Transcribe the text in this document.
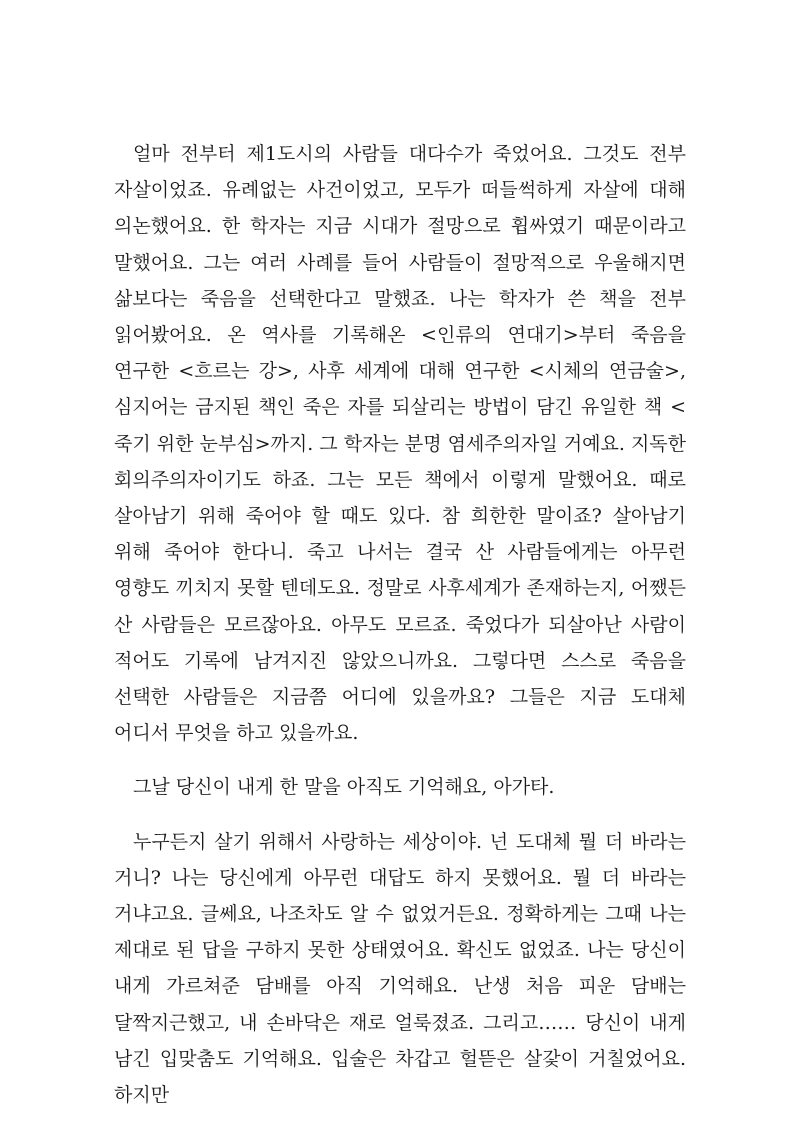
얼마 전부터 제1도시의 사람들 대다수가 죽었어요. 그것도 전부 자살이었죠. 유례없는 사건이었고, 모두가 떠들썩하게 자살에 대해 의논했어요. 한 학자는 지금 시대가 절망으로 휩싸였기 때문이라고 말했어요. 그는 여러 사례를 들어 사람들이 절망적으로 우울해지면 삶보다는 죽음을 선택한다고 말했죠. 나는 학자가 쓴 책을 전부 읽어봤어요. 온 역사를 기록해온 <인류의 연대기>부터 죽음을 연구한 <흐르는 강>, 사후 세계에 대해 연구한 <시체의 연금술>, 심지어는 금지된 책인 죽은 자를 되살리는 방법이 담긴 유일한 책 <죽기 위한 눈부심>까지. 그 학자는 분명 염세주의자일 거예요. 지독한 회의주의자이기도 하죠. 그는 모든 책에서 이렇게 말했어요. 때로 살아남기 위해 죽어야 할 때도 있다. 참 희한한 말이죠? 살아남기 위해 죽어야 한다니. 죽고 나서는 결국 산 사람들에게는 아무런 영향도 끼치지 못할 텐데도요. 정말로 사후세계가 존재하는지, 어쨌든 산 사람들은 모르잖아요. 아무도 모르죠. 죽었다가 되살아난 사람이 적어도 기록에 남겨지진 않았으니까요. 그렇다면 스스로 죽음을 선택한 사람들은 지금쯤 어디에 있을까요? 그들은 지금 도대체 어디서 무엇을 하고 있을까요.

그날 당신이 내게 한 말을 아직도 기억해요, 아가타.

누구든지 살기 위해서 사랑하는 세상이야. 넌 도대체 뭘 더 바라는 거니? 나는 당신에게 아무런 대답도 하지 못했어요. 뭘 더 바라는 거냐고요. 글쎄요, 나조차도 알 수 없었거든요. 정확하게는 그때 나는 제대로 된 답을 구하지 못한 상태였어요. 확신도 없었죠. 나는 당신이 내게 가르쳐준 담배를 아직 기억해요. 난생 처음 피운 담배는 달짝지근했고, 내 손바닥은 재로 얼룩졌죠. 그리고…… 당신이 내게 남긴 입맞춤도 기억해요. 입술은 차갑고 헐뜯은 살갗이 거칠었어요. 하지만
